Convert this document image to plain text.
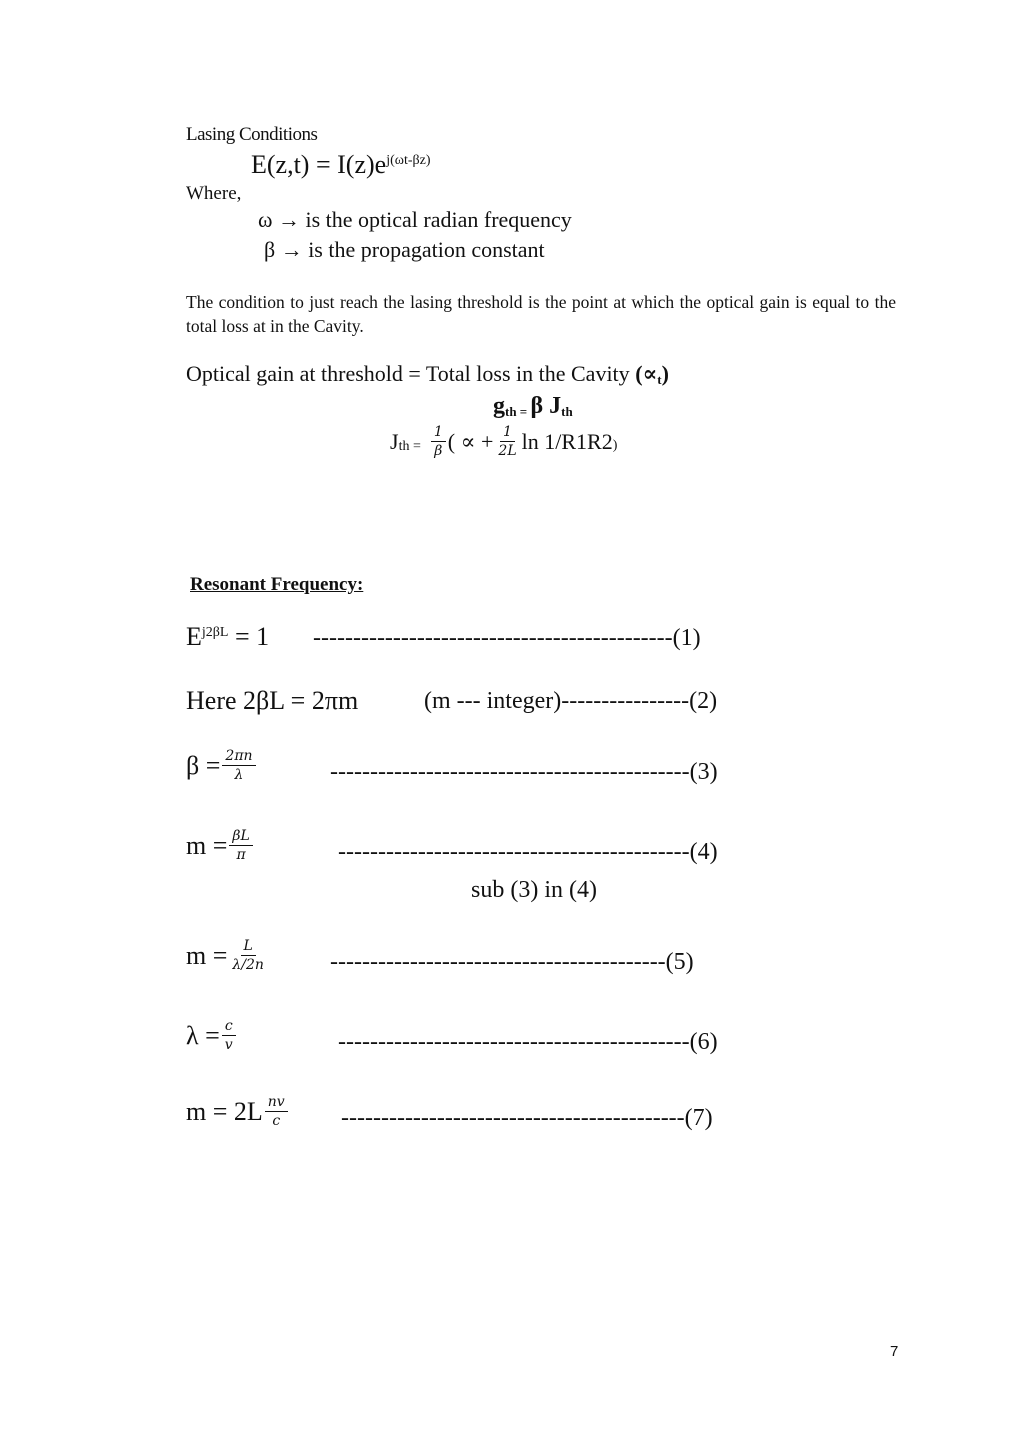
Lasing Conditions
$E(z,t) = I(z)e^{j(\omega t-\beta z)}$
Where,
ω → is the optical radian frequency
β → is the propagation constant
The condition to just reach the lasing threshold is the point at which the optical gain is equal to the total loss at in the Cavity.
Optical gain at threshold = Total loss in the Cavity $(\propto_t)$
$g_{th =}$ β $J_{th}$
J th = $\frac{1}{\beta}$ ( ∝ + $\frac{1}{2L}$ ln 1/R1R2 )
Resonant Frequency:
$E^{j2\beta L} = 1$ ---------------------------------------------(1)
Here 2βL = 2πm	(m --- integer)----------------(2)
$\beta = \frac{2\pi n}{\lambda}$	---------------------------------------------(3)
$m = \frac{\beta L}{\pi}$	--------------------------------------------(4)
sub (3) in (4)
$m = \frac{L}{\lambda/2n}$	------------------------------------------(5)
$\lambda = \frac{c}{v}$	--------------------------------------------(6)
$m = 2L \frac{nv}{c} -------------------------------------------(7)$
7
